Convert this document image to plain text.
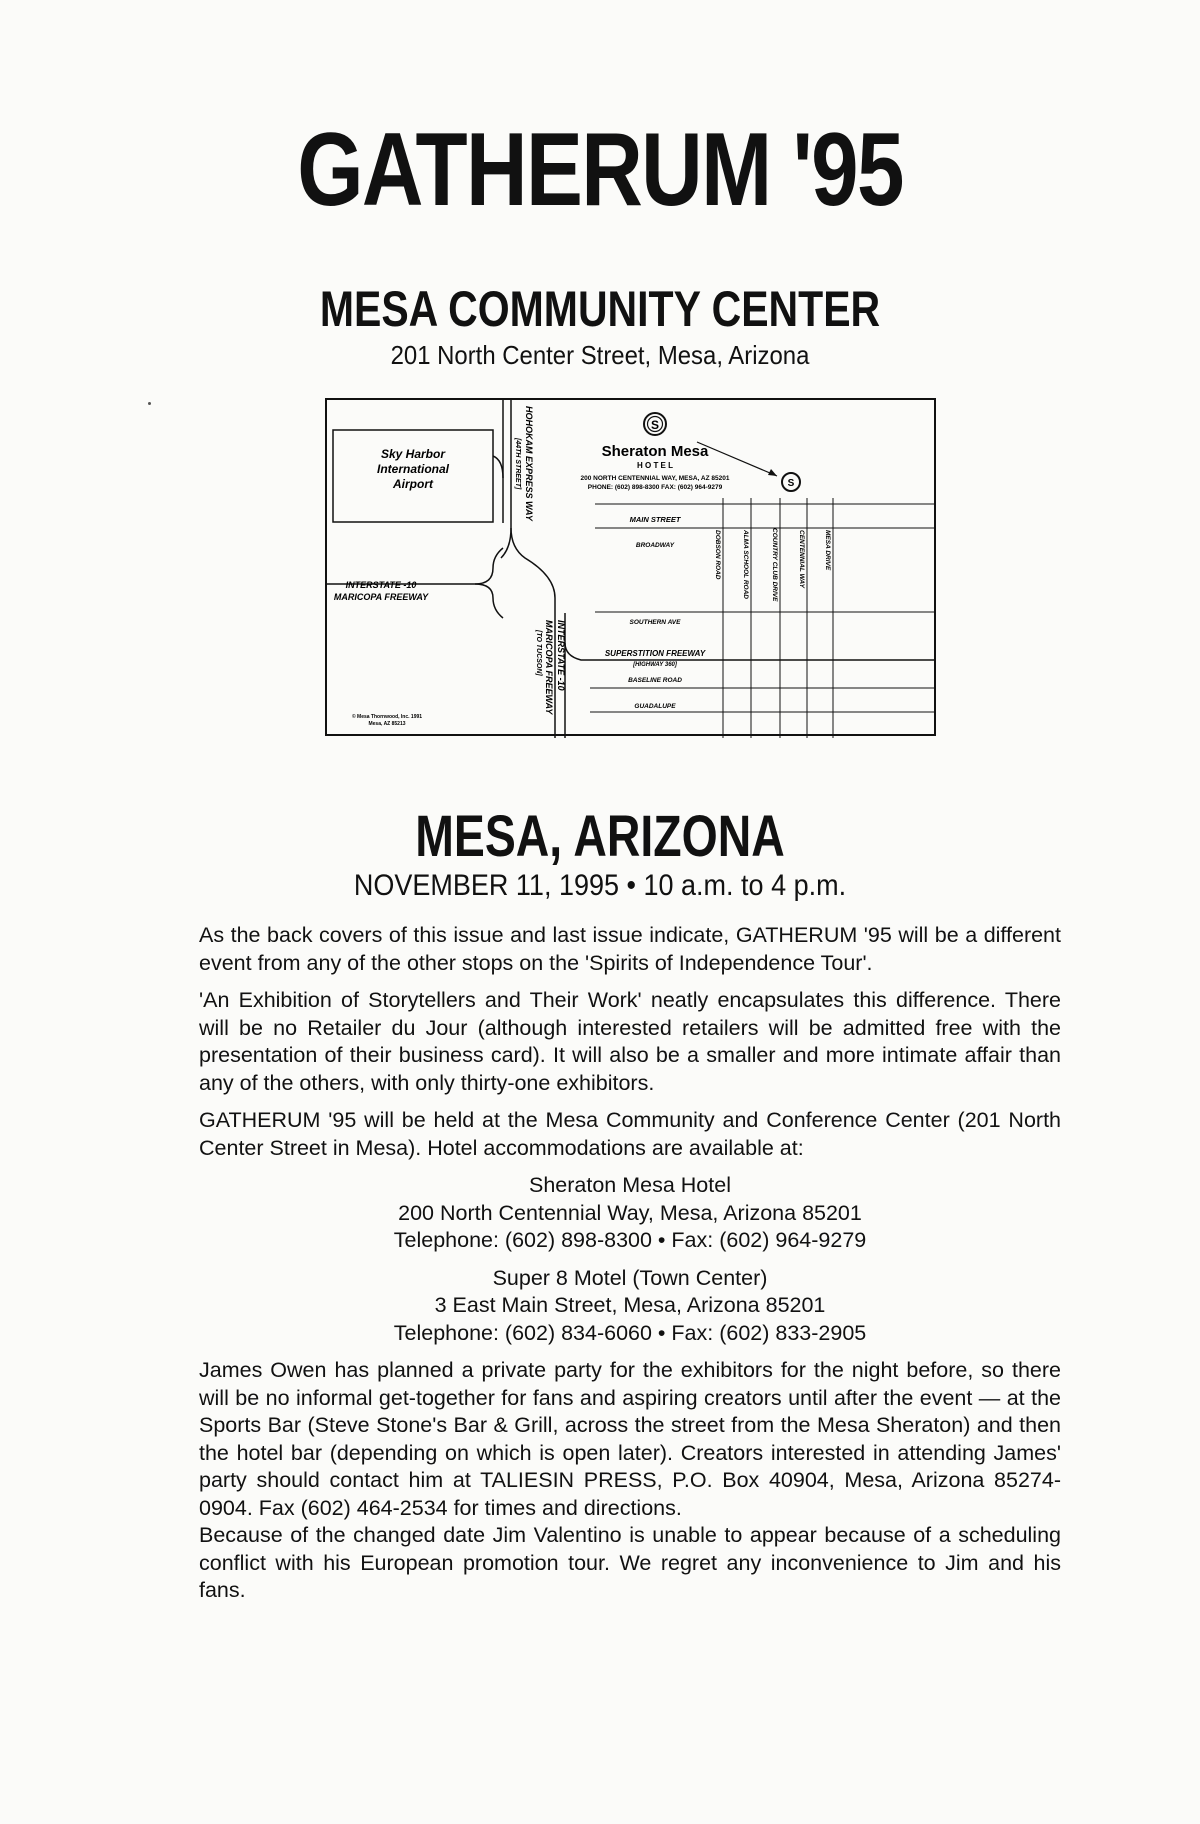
GATHERUM '95
MESA COMMUNITY CENTER
201 North Center Street, Mesa, Arizona
Sky Harbor
International
Airport
INTERSTATE -10
MARICOPA FREEWAY
HOHOKAM EXPRESS WAY
[44TH STREET]
INTERSTATE -10
MARICOPA FREEWAY
[TO TUCSON]
S
Sheraton Mesa
H O T E L
200 NORTH CENTENNIAL WAY, MESA, AZ 85201
PHONE: (602) 898-8300 FAX: (602) 964-9279	S
MAIN STREET
BROADWAY
SOUTHERN AVE
SUPERSTITION FREEWAY
[HIGHWAY 360]
BASELINE ROAD
GUADALUPE
DOBSON ROAD	ALMA SCHOOL ROAD	COUNTRY CLUB DRIVE	CENTENNIAL WAY	MESA DRIVE
© Mesa Thornwood, Inc. 1991
Mesa, AZ 85213
MESA, ARIZONA
NOVEMBER 11, 1995 • 10 a.m. to 4 p.m.

As the back covers of this issue and last issue indicate, GATHERUM '95 will be a different event from any of the other stops on the 'Spirits of Independence Tour'.

'An Exhibition of Storytellers and Their Work' neatly encapsulates this difference. There will be no Retailer du Jour (although interested retailers will be admitted free with the presentation of their business card). It will also be a smaller and more intimate affair than any of the others, with only thirty-one exhibitors.

GATHERUM '95 will be held at the Mesa Community and Conference Center (201 North Center Street in Mesa). Hotel accommodations are available at:

Sheraton Mesa Hotel
200 North Centennial Way, Mesa, Arizona 85201
Telephone: (602) 898-8300 • Fax: (602) 964-9279
Super 8 Motel (Town Center)
3 East Main Street, Mesa, Arizona 85201
Telephone: (602) 834-6060 • Fax: (602) 833-2905

James Owen has planned a private party for the exhibitors for the night before, so there will be no informal get-together for fans and aspiring creators until after the event — at the Sports Bar (Steve Stone's Bar & Grill, across the street from the Mesa Sheraton) and then the hotel bar (depending on which is open later). Creators interested in attending James' party should contact him at TALIESIN PRESS, P.O. Box 40904, Mesa, Arizona 85274-0904. Fax (602) 464-2534 for times and directions.

Because of the changed date Jim Valentino is unable to appear because of a scheduling conflict with his European promotion tour. We regret any inconvenience to Jim and his fans.
